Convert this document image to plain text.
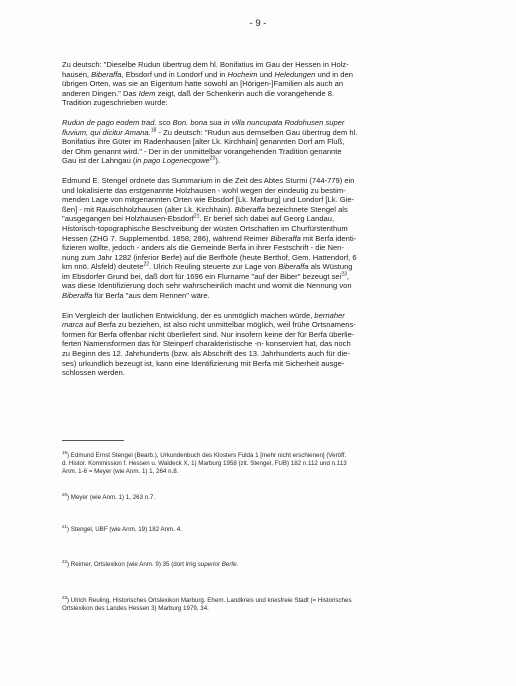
- 9 -

Zu deutsch: "Dieselbe Rudun übertrug dem hl. Bonifatius im Gau der Hessen in Holz-
hausen, Biberaffa, Ebsdorf und in Londorf und in Hocheim und Heledungen und in den
übrigen Orten, was sie an Eigentum hatte sowohl an [Hörigen-]Familien als auch an
anderen Dingen." Das Idem zeigt, daß der Schenkerin auch die vorangehende 8.
Tradition zugeschrieben wurde:

Rudun de pago eodem trad. sco Bon. bona sua in villa nuncupata Rodohusen super
fluvium, qui dicitur Amana.$^{18}$ - Zu deutsch: "Rudun aus demselben Gau übertrug dem hl.
Bonifatius ihre Güter im Radenhausen [alter Lk. Kirchhain] genannten Dorf am Fluß,
der Ohm genannt wird." - Der in der unmittelbar vorangehenden Tradition genannte
Gau ist der Lahngau (in pago Logenecgowe$^{20}$).

Edmund E. Stengel ordnete das Summarium in die Zeit des Abtes Sturmi (744-779) ein
und lokalisierte das erstgenannte Holzhausen - wohl wegen der eindeutig zu bestim-
menden Lage von mitgenannten Orten wie Ebsdorf [Lk. Marburg] und Londorf [Lk. Gie-
ßen] - mit Rauischholzhausen (alter Lk. Kirchhain). Biberaffa bezeichnete Stengel als
"ausgegangen bei Holzhausen-Ebsdorf$^{21}$. Er berief sich dabei auf Georg Landau,
Historisch-topographische Beschreibung der wüsten Ortschaften im Churfürstenthum
Hessen (ZHG 7. Supplementbd. 1858, 286), während Reimer Biberaffa mit Berfa identi-
fizieren wollte, jedoch - anders als die Gemeinde Berfa in ihrer Festschrift - die Nen-
nung zum Jahr 1282 (inferior Berfe) auf die Berfhöfe (heute Berthof, Gem. Hattendorf, 6
km nnö. Alsfeld) deutete$^{22}$. Ulrich Reuling steuerte zur Lage von Biberaffa als Wüstung
im Ebsdorfer Grund bei, daß dort für 1696 ein Flurname "auf der Biber" bezeugt sei$^{23}$,
was diese Identifizierung doch sehr wahrscheinlich macht und womit die Nennung von
Biberaffa für Berfa "aus dem Rennen" wäre.

Ein Vergleich der lautlichen Entwicklung, der es unmöglich machen würde, bernaher
marca auf Berfa zu beziehen, ist also nicht unmittelbar möglich, weil frühe Ortsnamens-
formen für Berfa offenbar nicht überliefert sind. Nur insofern keine der für Berfa überlie-
ferten Namensformen das für Steinperf charakteristische -n- konserviert hat, das noch
zu Beginn des 12. Jahrhunderts (bzw. als Abschrift des 13. Jahrhunderts auch für die-
ses) urkundlich bezeugt ist, kann eine Identifizierung mit Berfa mit Sicherheit ausge-
schlossen werden.

$^{19}$) Edmund Ernst Stengel (Bearb.), Urkundenbuch des Klosters Fulda 1 [mehr nicht erschienen] (Veröff.
d. Histor. Kommission f. Hessen u. Waldeck X, 1) Marburg 1958 (zit. Stengel, FUB) 182 n.112 und n.113
Anm. 1-6 = Meyer (wie Anm. 1) 1, 264 n.8.
$^{20}$) Meyer (wie Anm. 1) 1, 263 n.7.
$^{21}$) Stengel, UBF (wie Anm. 19) 182 Anm. 4.
$^{22}$) Reimer, Ortslexikon (wie Anm. 9) 35 (dort irrig superior Berfe.
$^{23}$) Ulrich Reuling, Historisches Ortslexikon Marburg. Ehem. Landkreis und kreisfreie Stadt (= Historisches
Ortslexikon des Landes Hessen 3) Marburg 1979, 34.
